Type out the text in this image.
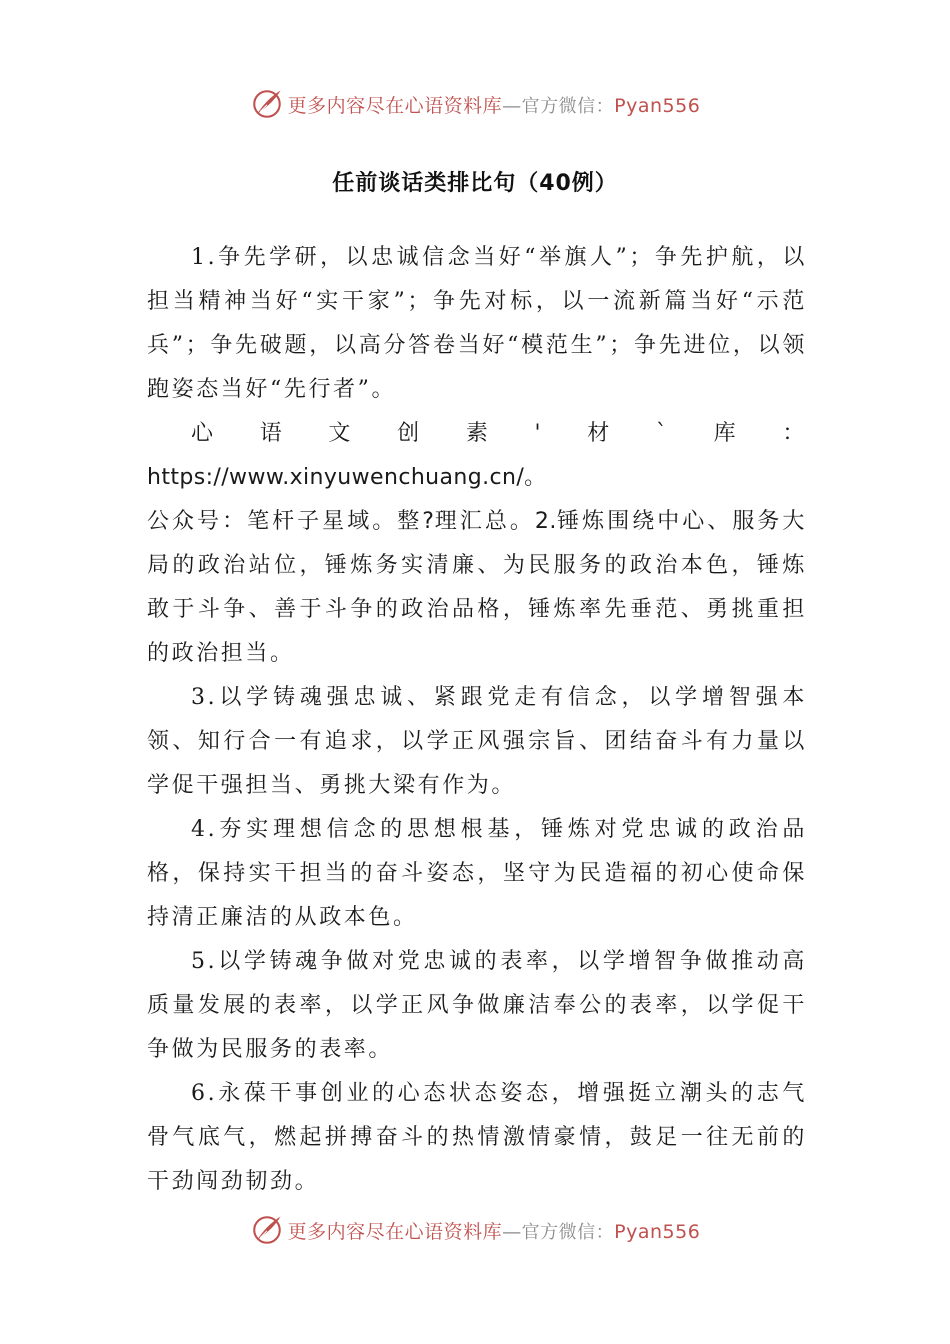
更多内容尽在心语资料库—官方微信：Pyan556
任前谈话类排比句（40例）

1.争先学研，以忠诚信念当好“举旗人”；争先护航，以担当精神当好“实干家”；争先对标，以一流新篇当好“示范兵”；争先破题，以高分答卷当好“模范生”；争先进位，以领跑姿态当好“先行者”。

心语文创素'材`库：https://www.xinyuwenchuang.cn/。

公众号：笔杆子星域。整?理汇总。2.锤炼围绕中心、服务大局的政治站位，锤炼务实清廉、为民服务的政治本色，锤炼敢于斗争、善于斗争的政治品格，锤炼率先垂范、勇挑重担的政治担当。

3.以学铸魂强忠诚、紧跟党走有信念，以学增智强本领、知行合一有追求，以学正风强宗旨、团结奋斗有力量以学促干强担当、勇挑大梁有作为。

4.夯实理想信念的思想根基，锤炼对党忠诚的政治品格，保持实干担当的奋斗姿态，坚守为民造福的初心使命保持清正廉洁的从政本色。

5.以学铸魂争做对党忠诚的表率，以学增智争做推动高质量发展的表率，以学正风争做廉洁奉公的表率，以学促干争做为民服务的表率。

6.永葆干事创业的心态状态姿态，增强挺立潮头的志气骨气底气，燃起拼搏奋斗的热情激情豪情，鼓足一往无前的干劲闯劲韧劲。

更多内容尽在心语资料库—官方微信：Pyan556
